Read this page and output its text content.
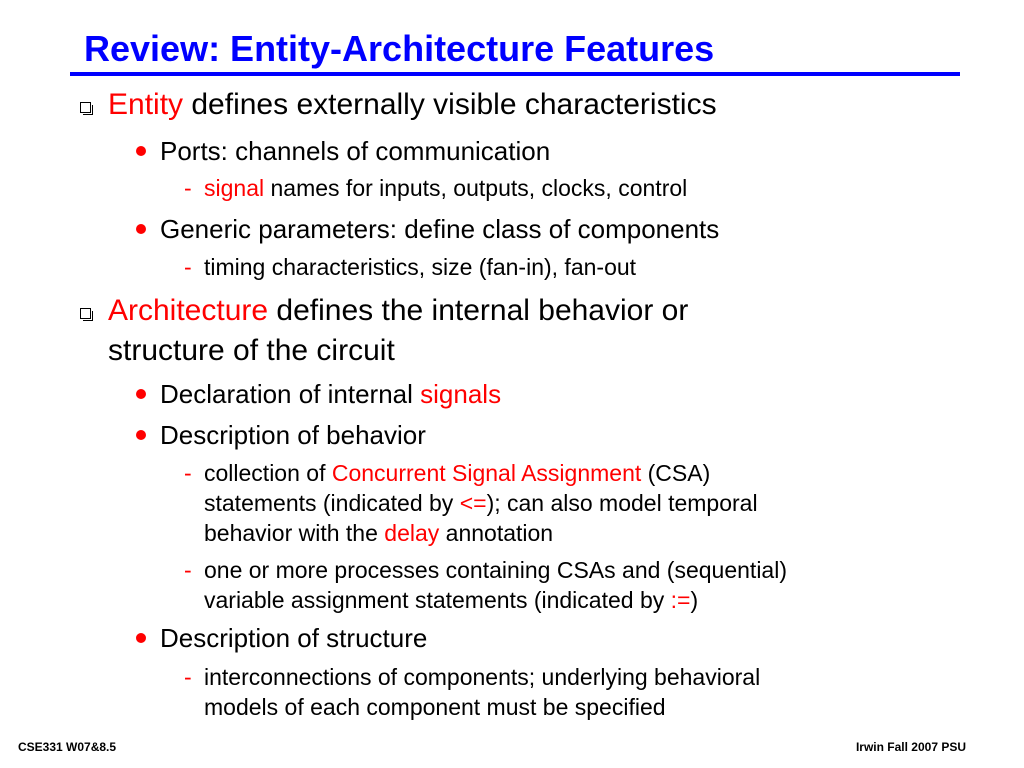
Review: Entity-Architecture Features
Entity defines externally visible characteristics
Ports: channels of communication
- signal names for inputs, outputs, clocks, control
Generic parameters: define class of components
- timing characteristics, size (fan-in), fan-out
Architecture defines the internal behavior or
structure of the circuit
Declaration of internal signals
Description of behavior
- collection of Concurrent Signal Assignment (CSA)
statements (indicated by <=); can also model temporal
behavior with the delay annotation
- one or more processes containing CSAs and (sequential)
variable assignment statements (indicated by :=)
Description of structure
- interconnections of components; underlying behavioral
models of each component must be specified
CSE331 W07&8.5	Irwin Fall 2007 PSU
